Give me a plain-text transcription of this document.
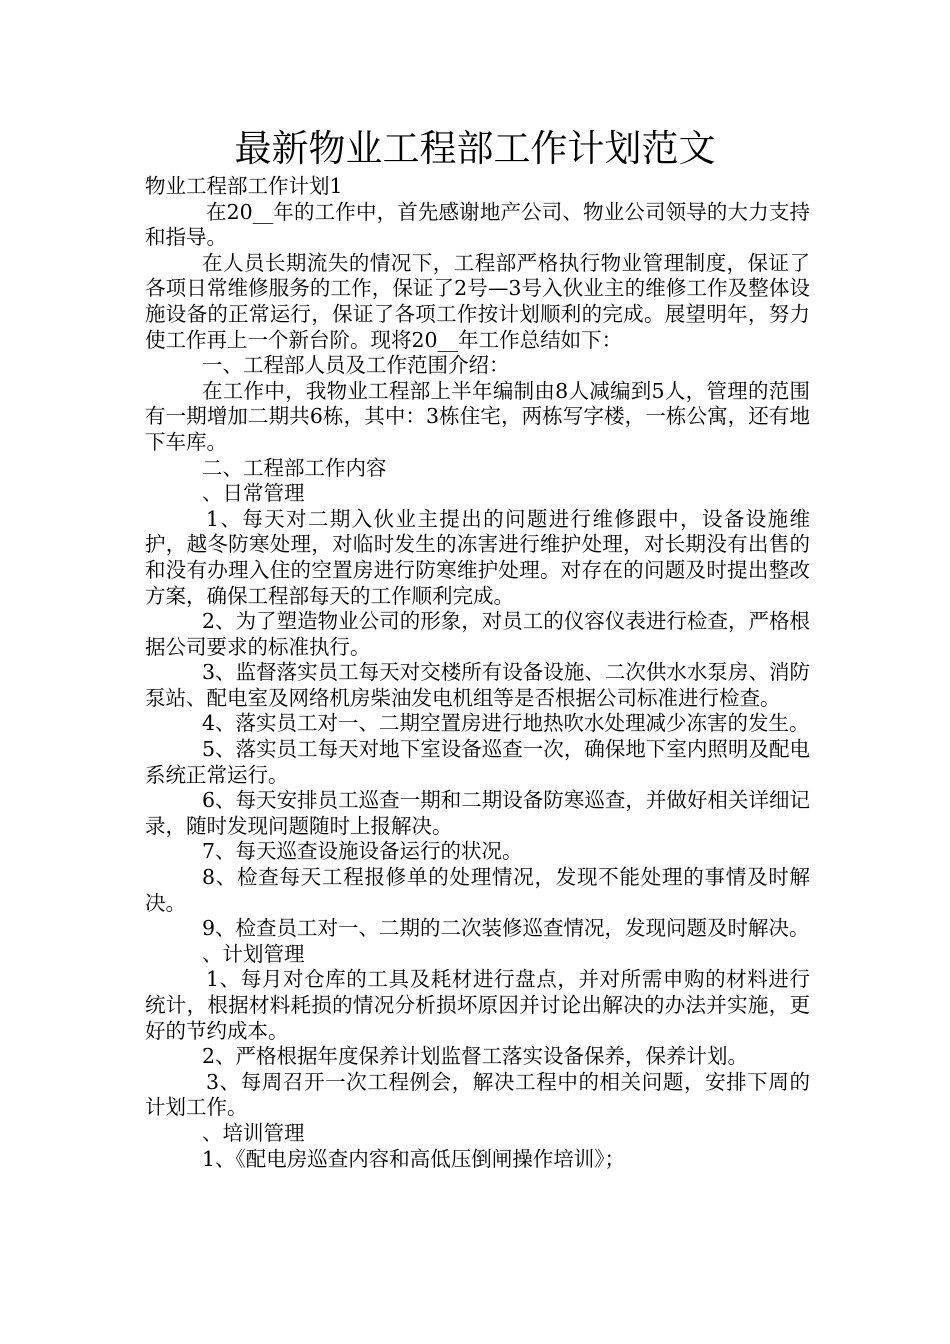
最新物业工程部工作计划范文

物业工程部工作计划1

在20__年的工作中，首先感谢地产公司、物业公司领导的大力支持和指导。

在人员长期流失的情况下，工程部严格执行物业管理制度，保证了各项日常维修服务的工作，保证了2号—3号入伙业主的维修工作及整体设施设备的正常运行，保证了各项工作按计划顺利的完成。展望明年，努力使工作再上一个新台阶。现将20__年工作总结如下：

一、工程部人员及工作范围介绍：

在工作中，我物业工程部上半年编制由8人减编到5人，管理的范围有一期增加二期共6栋，其中：3栋住宅，两栋写字楼，一栋公寓，还有地下车库。

二、工程部工作内容

、日常管理

1、每天对二期入伙业主提出的问题进行维修跟中，设备设施维护，越冬防寒处理，对临时发生的冻害进行维护处理，对长期没有出售的和没有办理入住的空置房进行防寒维护处理。对存在的问题及时提出整改方案，确保工程部每天的工作顺利完成。

2、为了塑造物业公司的形象，对员工的仪容仪表进行检查，严格根据公司要求的标准执行。

3、监督落实员工每天对交楼所有设备设施、二次供水水泵房、消防泵站、配电室及网络机房柴油发电机组等是否根据公司标准进行检查。

4、落实员工对一、二期空置房进行地热吹水处理减少冻害的发生。

5、落实员工每天对地下室设备巡查一次，确保地下室内照明及配电系统正常运行。

6、每天安排员工巡查一期和二期设备防寒巡查，并做好相关详细记录，随时发现问题随时上报解决。

7、每天巡查设施设备运行的状况。

8、检查每天工程报修单的处理情况，发现不能处理的事情及时解决。

9、检查员工对一、二期的二次装修巡查情况，发现问题及时解决。

、计划管理

1、每月对仓库的工具及耗材进行盘点，并对所需申购的材料进行统计，根据材料耗损的情况分析损坏原因并讨论出解决的办法并实施，更好的节约成本。

2、严格根据年度保养计划监督工落实设备保养，保养计划。

3、每周召开一次工程例会，解决工程中的相关问题，安排下周的计划工作。

、培训管理

1、《配电房巡查内容和高低压倒闸操作培训》；
